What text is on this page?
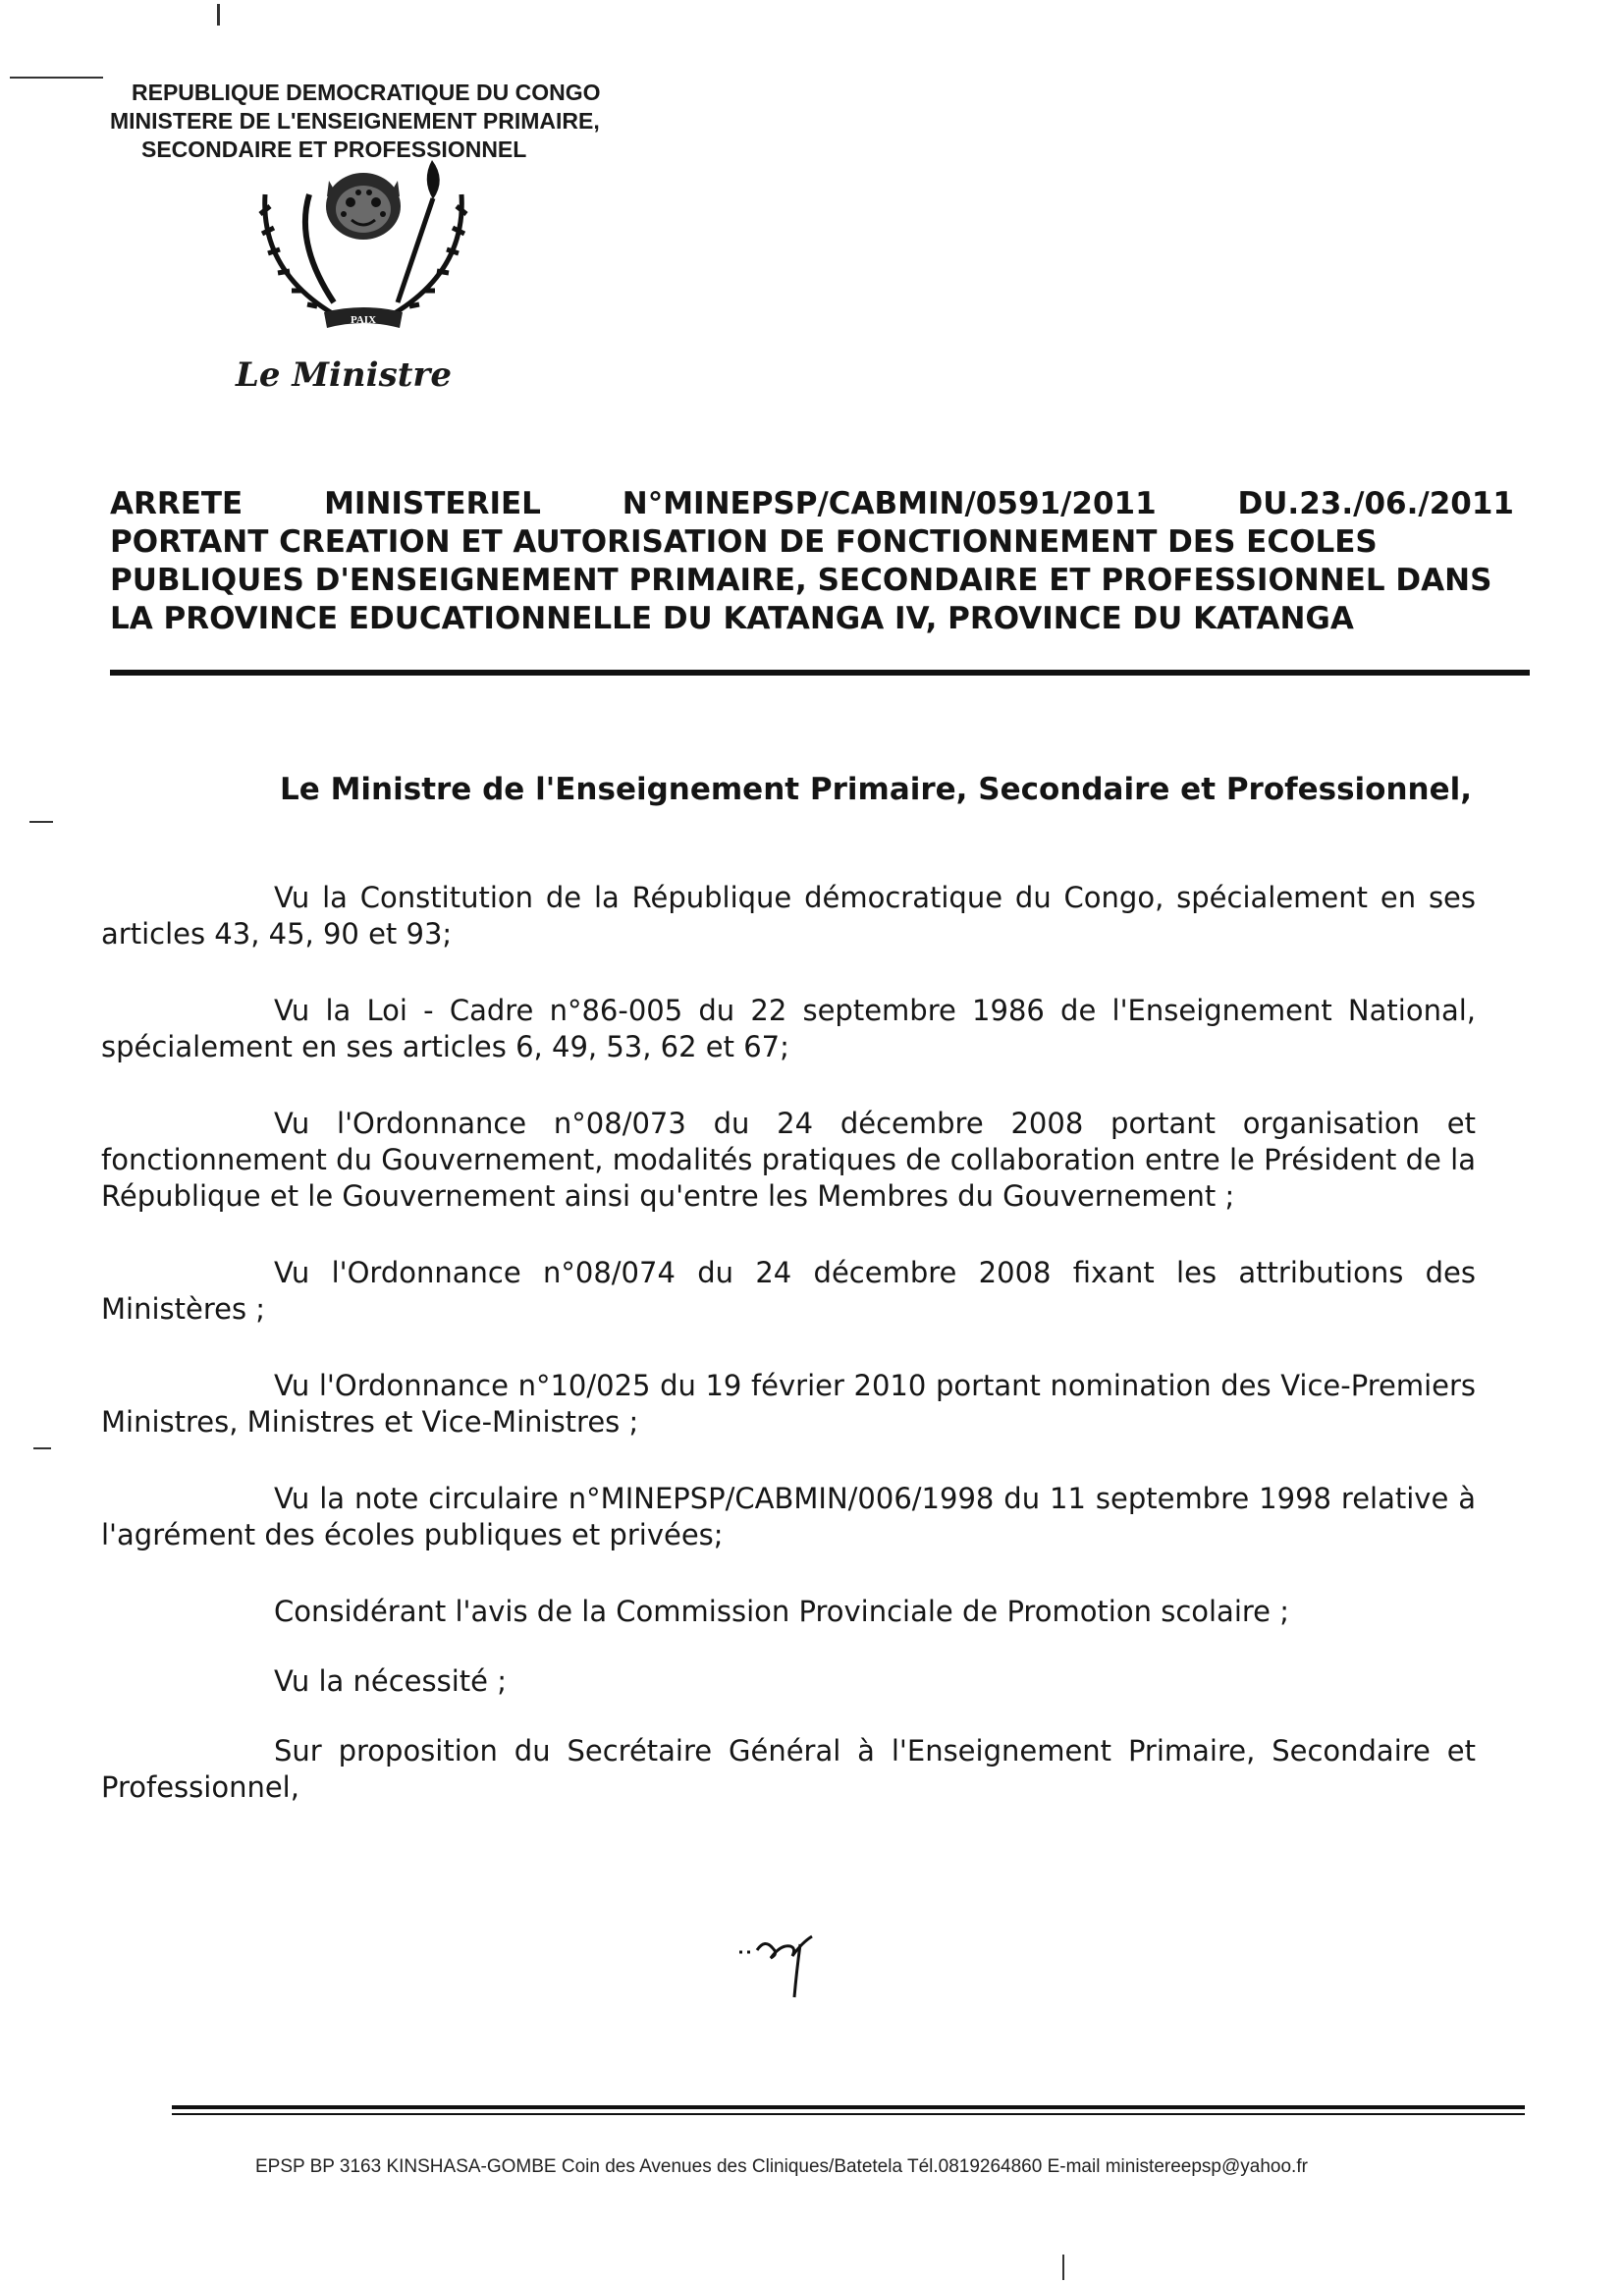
REPUBLIQUE DEMOCRATIQUE DU CONGO
MINISTERE DE L'ENSEIGNEMENT PRIMAIRE,
SECONDAIRE ET PROFESSIONNEL
PAIX
Le Ministre
ARRETE	MINISTERIEL	N°MINEPSP/CABMIN/0591/2011	DU.23./06./2011
PORTANT CREATION ET AUTORISATION DE FONCTIONNEMENT DES ECOLES
PUBLIQUES D'ENSEIGNEMENT PRIMAIRE, SECONDAIRE ET PROFESSIONNEL DANS
LA PROVINCE EDUCATIONNELLE DU KATANGA IV, PROVINCE DU KATANGA
Le Ministre de l'Enseignement Primaire, Secondaire et Professionnel,

Vu la Constitution de la République démocratique du Congo, spécialement en ses articles 43, 45, 90 et 93;

Vu la Loi - Cadre n°86-005 du 22 septembre 1986 de l'Enseignement National, spécialement en ses articles 6, 49, 53, 62 et 67;

Vu l'Ordonnance n°08/073 du 24 décembre 2008 portant organisation et fonctionnement du Gouvernement, modalités pratiques de collaboration entre le Président de la République et le Gouvernement ainsi qu'entre les Membres du Gouvernement ;

Vu l'Ordonnance n°08/074 du 24 décembre 2008 fixant les attributions des Ministères ;

Vu l'Ordonnance n°10/025 du 19 février 2010 portant nomination des Vice-Premiers Ministres, Ministres et Vice-Ministres ;

Vu la note circulaire n°MINEPSP/CABMIN/006/1998 du 11 septembre 1998 relative à l'agrément des écoles publiques et privées;

Considérant l'avis de la Commission Provinciale de Promotion scolaire ;

Vu la nécessité ;

Sur proposition du Secrétaire Général à l'Enseignement Primaire, Secondaire et Professionnel,

EPSP BP 3163 KINSHASA-GOMBE Coin des Avenues des Cliniques/Batetela Tél.0819264860 E-mail ministereepsp@yahoo.fr
